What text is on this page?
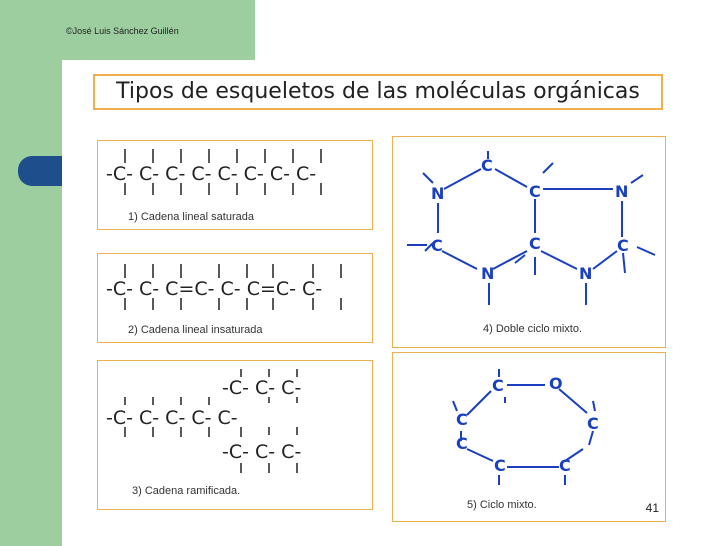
©José Luis Sánchez Guillén
Tipos de esqueletos de las moléculas orgánicas
-C- C- C- C- C- C- C- C-
1) Cadena lineal saturada
-C- C- C=C- C- C=C- C-
2) Cadena lineal insaturada
-C- C- C-
-C- C- C- C- C-
-C- C- C-
3) Cadena ramificada.
C
N	C	N
C	C
N	N
C
4) Doble ciclo mixto.
C	O
C	C
C
C	C
5) Ciclo mixto.	41
